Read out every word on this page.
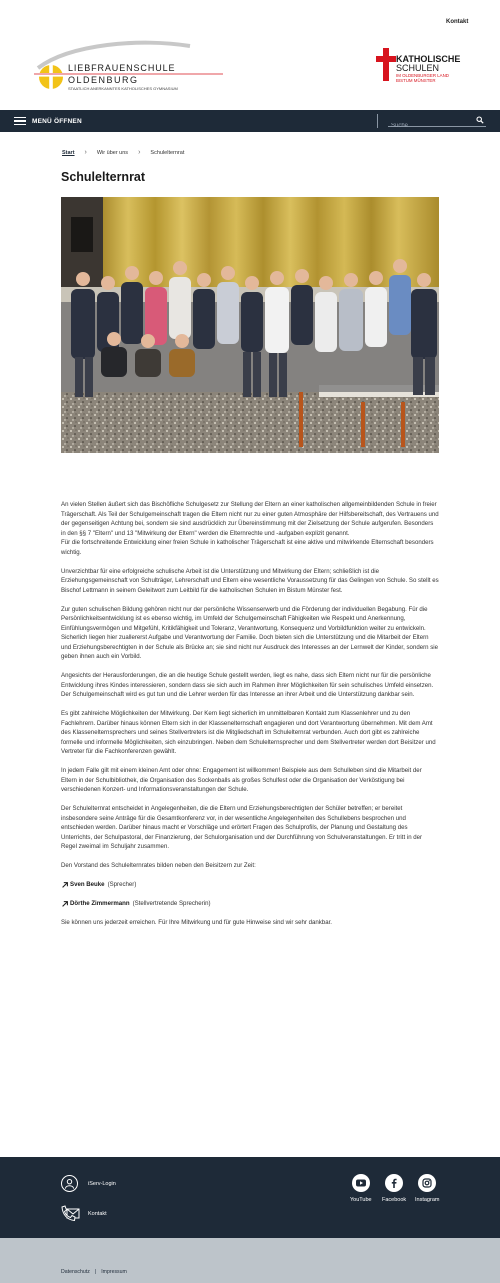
Kontakt
LIEBFRAUENSCHULE
OLDENBURG
STAATLICH ANERKANNTES KATHOLISCHES GYMNASIUM
KATHOLISCHE
SCHULEN
IM OLDENBURGER LAND
BISTUM MÜNSTER
MENÜ ÖFFNEN
Suche
Start › Wir über uns › Schulelternrat
Schulelternrat

An vielen Stellen äußert sich das Bischöfliche Schulgesetz zur Stellung der Eltern an einer katholischen allgemeinbildenden Schule in freier Trägerschaft. Als Teil der Schulgemeinschaft tragen die Eltern nicht nur zu einer guten Atmosphäre der Hilfsbereitschaft, des Vertrauens und der gegenseitigen Achtung bei, sondern sie sind ausdrücklich zur Übereinstimmung mit der Zielsetzung der Schule aufgerufen. Besonders in den §§ 7 "Eltern" und 13 "Mitwirkung der Eltern" werden die Elternrechte und -aufgaben explizit genannt.
Für die fortschreitende Entwicklung einer freien Schule in katholischer Trägerschaft ist eine aktive und mitwirkende Elternschaft besonders wichtig.

Unverzichtbar für eine erfolgreiche schulische Arbeit ist die Unterstützung und Mitwirkung der Eltern; schließlich ist die Erziehungsgemeinschaft von Schulträger, Lehrerschaft und Eltern eine wesentliche Voraussetzung für das Gelingen von Schule. So stellt es Bischof Lettmann in seinem Geleitwort zum Leitbild für die katholischen Schulen im Bistum Münster fest.

Zur guten schulischen Bildung gehören nicht nur der persönliche Wissenserwerb und die Förderung der individuellen Begabung. Für die Persönlichkeitsentwicklung ist es ebenso wichtig, im Umfeld der Schulgemeinschaft Fähigkeiten wie Respekt und Anerkennung, Einfühlungsvermögen und Mitgefühl, Kritikfähigkeit und Toleranz, Verantwortung, Konsequenz und Vorbildfunktion weiter zu entwickeln. Sicherlich liegen hier zuallererst Aufgabe und Verantwortung der Familie. Doch bieten sich die Unterstützung und die Mitarbeit der Eltern und Erziehungsberechtigten in der Schule als Brücke an; sie sind nicht nur Ausdruck des Interesses an der Lernwelt der Kinder, sondern sie geben ihnen auch ein Vorbild.

Angesichts der Herausforderungen, die an die heutige Schule gestellt werden, liegt es nahe, dass sich Eltern nicht nur für die persönliche Entwicklung ihres Kindes interessieren, sondern dass sie sich auch im Rahmen ihrer Möglichkeiten für sein schulisches Umfeld einsetzen. Der Schulgemeinschaft wird es gut tun und die Lehrer werden für das Interesse an ihrer Arbeit und die Unterstützung dankbar sein.

Es gibt zahlreiche Möglichkeiten der Mitwirkung. Der Kern liegt sicherlich im unmittelbaren Kontakt zum Klassenlehrer und zu den Fachlehrern. Darüber hinaus können Eltern sich in der Klassenelternschaft engagieren und dort Verantwortung übernehmen. Mit dem Amt des Klassenelternsprechers und seines Stellvertreters ist die Mitgliedschaft im Schulelternrat verbunden. Auch dort gibt es zahlreiche formelle und informelle Möglichkeiten, sich einzubringen. Neben dem Schulelternsprecher und dem Stellvertreter werden dort Beisitzer und Vertreter für die Fachkonferenzen gewählt.

In jedem Falle gilt mit einem kleinen Amt oder ohne: Engagement ist willkommen! Beispiele aus dem Schulleben sind die Mitarbeit der Eltern in der Schulbibliothek, die Organisation des Sockenballs als großes Schulfest oder die Organisation der Verköstigung bei verschiedenen Konzert- und Informationsveranstaltungen der Schule.

Der Schulelternrat entscheidet in Angelegenheiten, die die Eltern und Erziehungsberechtigten der Schüler betreffen; er bereitet insbesondere seine Anträge für die Gesamtkonferenz vor, in der wesentliche Angelegenheiten des Schullebens besprochen und entschieden werden. Darüber hinaus macht er Vorschläge und erörtert Fragen des Schulprofils, der Planung und Gestaltung des Unterrichts, der Schulpastoral, der Finanzierung, der Schulorganisation und der Durchführung von Schulveranstaltungen. Er tritt in der Regel zweimal im Schuljahr zusammen.

Den Vorstand des Schulelternrates bilden neben den Beisitzern zur Zeit:

Sven Beuke (Sprecher)
Dörthe Zimmermann (Stellvertretende Sprecherin)

Sie können uns jederzeit erreichen. Für Ihre Mitwirkung und für gute Hinweise sind wir sehr dankbar.

iServ-Login
Kontakt
YouTube Facebook Instagram
Datenschutz | Impressum
